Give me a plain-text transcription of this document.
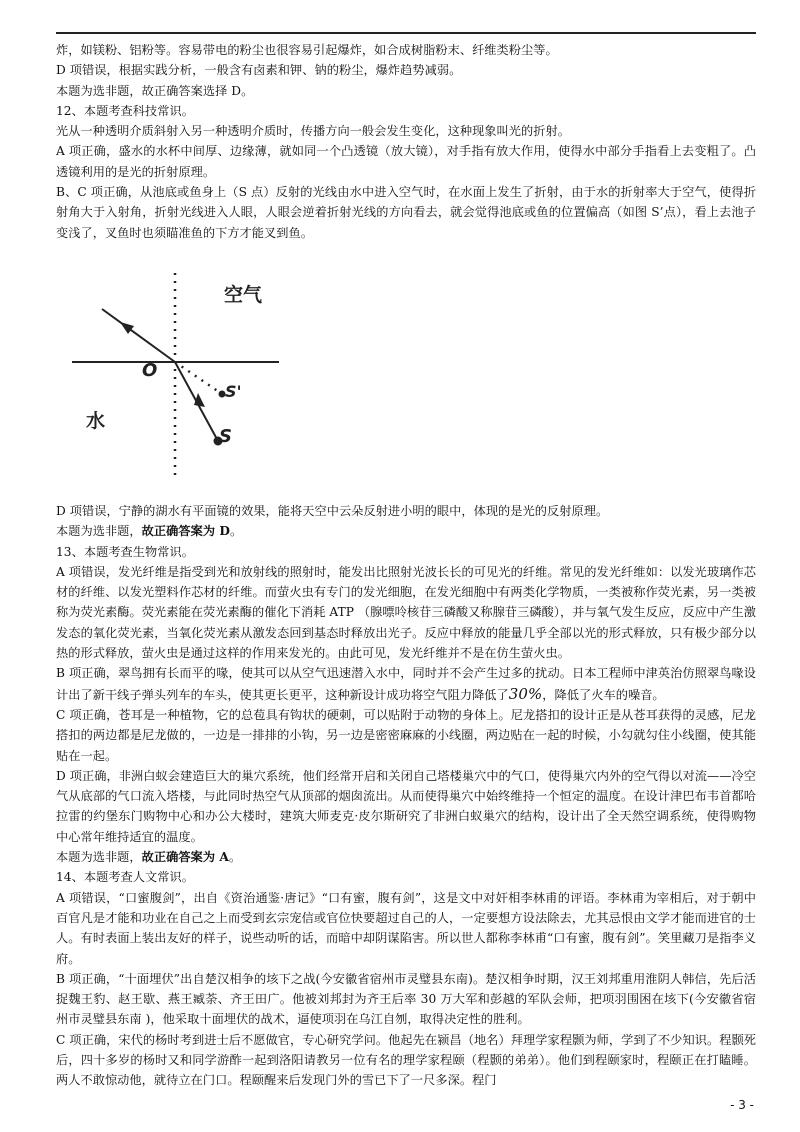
炸，如镁粉、铝粉等。容易带电的粉尘也很容易引起爆炸，如合成树脂粉末、纤维类粉尘等。

D 项错误，根据实践分析，一般含有卤素和钾、钠的粉尘，爆炸趋势减弱。

本题为选非题，故正确答案选择 D。

12、本题考查科技常识。

光从一种透明介质斜射入另一种透明介质时，传播方向一般会发生变化，这种现象叫光的折射。

A 项正确，盛水的水杯中间厚、边缘薄，就如同一个凸透镜（放大镜），对手指有放大作用，使得水中部分手指看上去变粗了。凸透镜利用的是光的折射原理。

B、C 项正确，从池底或鱼身上（S 点）反射的光线由水中进入空气时，在水面上发生了折射，由于水的折射率大于空气，使得折射角大于入射角，折射光线进入人眼，人眼会逆着折射光线的方向看去，就会觉得池底或鱼的位置偏高（如图 S’点），看上去池子变浅了，叉鱼时也须瞄准鱼的下方才能叉到鱼。

空气
水
O
S'
S

D 项错误，宁静的湖水有平面镜的效果，能将天空中云朵反射进小明的眼中，体现的是光的反射原理。

本题为选非题，故正确答案为 D。

13、本题考查生物常识。

A 项错误，发光纤维是指受到光和放射线的照射时，能发出比照射光波长长的可见光的纤维。常见的发光纤维如：以发光玻璃作芯材的纤维、以发光塑料作芯材的纤维。而萤火虫有专门的发光细胞，在发光细胞中有两类化学物质，一类被称作荧光素，另一类被称为荧光素酶。荧光素能在荧光素酶的催化下消耗 ATP （腺嘌呤核苷三磷酸又称腺苷三磷酸），并与氧气发生反应，反应中产生激发态的氧化荧光素，当氧化荧光素从激发态回到基态时释放出光子。反应中释放的能量几乎全部以光的形式释放，只有极少部分以热的形式释放，萤火虫是通过这样的作用来发光的。由此可见，发光纤维并不是在仿生萤火虫。

B 项正确，翠鸟拥有长而平的喙，使其可以从空气迅速潜入水中，同时并不会产生过多的扰动。日本工程师中津英治仿照翠鸟喙设计出了新干线子弹头列车的车头，使其更长更平，这种新设计成功将空气阻力降低了30%，降低了火车的噪音。

C 项正确，苍耳是一种植物，它的总苞具有钩状的硬刺，可以贴附于动物的身体上。尼龙搭扣的设计正是从苍耳获得的灵感，尼龙搭扣的两边都是尼龙做的，一边是一排排的小钩，另一边是密密麻麻的小线圈，两边贴在一起的时候，小勾就勾住小线圈，使其能贴在一起。

D 项正确，非洲白蚁会建造巨大的巢穴系统，他们经常开启和关闭自己塔楼巢穴中的气口，使得巢穴内外的空气得以对流——冷空气从底部的气口流入塔楼，与此同时热空气从顶部的烟囱流出。从而使得巢穴中始终维持一个恒定的温度。在设计津巴布韦首都哈拉雷的约堡东门购物中心和办公大楼时，建筑大师麦克·皮尔斯研究了非洲白蚁巢穴的结构，设计出了全天然空调系统，使得购物中心常年维持适宜的温度。

本题为选非题，故正确答案为 A。

14、本题考查人文常识。

A 项错误，“口蜜腹剑”，出自《资治通鉴·唐记》“口有蜜，腹有剑”，这是文中对奸相李林甫的评语。李林甫为宰相后，对于朝中百官凡是才能和功业在自己之上而受到玄宗宠信或官位快要超过自己的人，一定要想方设法除去，尤其忌恨由文学才能而进官的士人。有时表面上装出友好的样子，说些动听的话，而暗中却阴谋陷害。所以世人都称李林甫“口有蜜，腹有剑”。笑里藏刀是指李义府。

B 项正确，“十面埋伏”出自楚汉相争的垓下之战(今安徽省宿州市灵璧县东南)。楚汉相争时期，汉王刘邦重用淮阴人韩信，先后活捉魏王豹、赵王歇、燕王臧荼、齐王田广。他被刘邦封为齐王后率 30 万大军和彭越的军队会师，把项羽围困在垓下(今安徽省宿州市灵璧县东南 )，他采取十面埋伏的战术，逼使项羽在乌江自刎，取得决定性的胜利。

C 项正确，宋代的杨时考到进士后不愿做官，专心研究学问。他起先在颍昌（地名）拜理学家程颢为师，学到了不少知识。程颢死后，四十多岁的杨时又和同学游酢一起到洛阳请教另一位有名的理学家程颐（程颢的弟弟）。他们到程颐家时，程颐正在打瞌睡。两人不敢惊动他，就待立在门口。程颐醒来后发现门外的雪已下了一尺多深。程门

- 3 -
